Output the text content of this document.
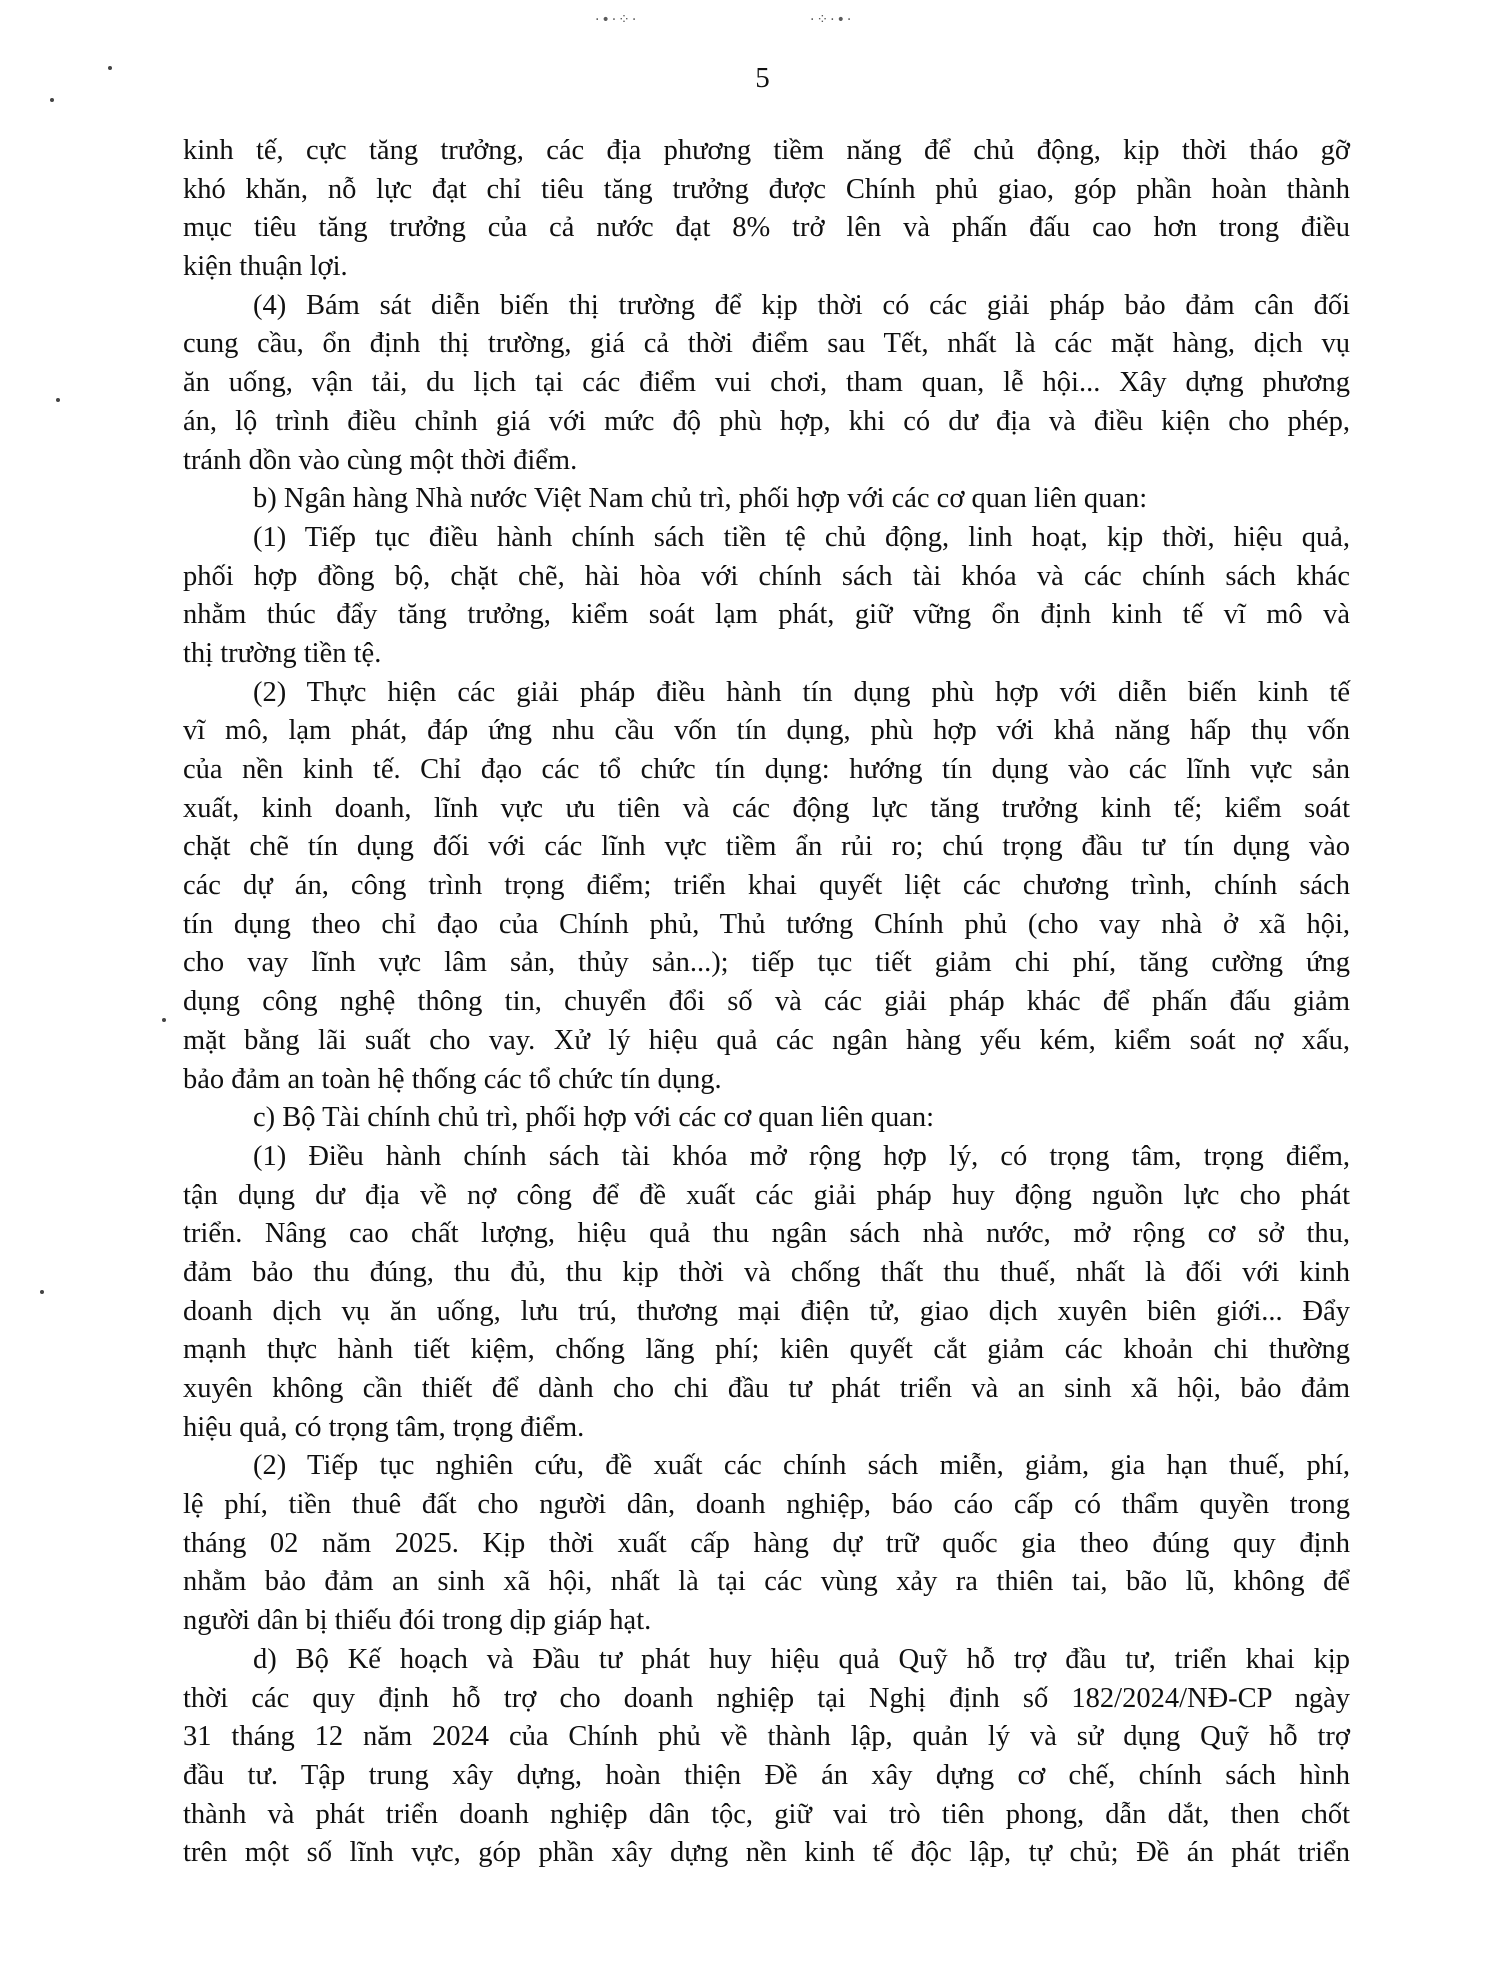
·•·⁘·	·⁘·•·
5
kinh tế, cực tăng trưởng, các địa phương tiềm năng để chủ động, kịp thời tháo gỡ
khó khăn, nỗ lực đạt chỉ tiêu tăng trưởng được Chính phủ giao, góp phần hoàn thành
mục tiêu tăng trưởng của cả nước đạt 8% trở lên và phấn đấu cao hơn trong điều
kiện thuận lợi.
(4) Bám sát diễn biến thị trường để kịp thời có các giải pháp bảo đảm cân đối
cung cầu, ổn định thị trường, giá cả thời điểm sau Tết, nhất là các mặt hàng, dịch vụ
ăn uống, vận tải, du lịch tại các điểm vui chơi, tham quan, lễ hội... Xây dựng phương
án, lộ trình điều chỉnh giá với mức độ phù hợp, khi có dư địa và điều kiện cho phép,
tránh dồn vào cùng một thời điểm.
b) Ngân hàng Nhà nước Việt Nam chủ trì, phối hợp với các cơ quan liên quan:
(1) Tiếp tục điều hành chính sách tiền tệ chủ động, linh hoạt, kịp thời, hiệu quả,
phối hợp đồng bộ, chặt chẽ, hài hòa với chính sách tài khóa và các chính sách khác
nhằm thúc đẩy tăng trưởng, kiểm soát lạm phát, giữ vững ổn định kinh tế vĩ mô và
thị trường tiền tệ.
(2) Thực hiện các giải pháp điều hành tín dụng phù hợp với diễn biến kinh tế
vĩ mô, lạm phát, đáp ứng nhu cầu vốn tín dụng, phù hợp với khả năng hấp thụ vốn
của nền kinh tế. Chỉ đạo các tổ chức tín dụng: hướng tín dụng vào các lĩnh vực sản
xuất, kinh doanh, lĩnh vực ưu tiên và các động lực tăng trưởng kinh tế; kiểm soát
chặt chẽ tín dụng đối với các lĩnh vực tiềm ẩn rủi ro; chú trọng đầu tư tín dụng vào
các dự án, công trình trọng điểm; triển khai quyết liệt các chương trình, chính sách
tín dụng theo chỉ đạo của Chính phủ, Thủ tướng Chính phủ (cho vay nhà ở xã hội,
cho vay lĩnh vực lâm sản, thủy sản...); tiếp tục tiết giảm chi phí, tăng cường ứng
dụng công nghệ thông tin, chuyển đổi số và các giải pháp khác để phấn đấu giảm
mặt bằng lãi suất cho vay. Xử lý hiệu quả các ngân hàng yếu kém, kiểm soát nợ xấu,
bảo đảm an toàn hệ thống các tổ chức tín dụng.
c) Bộ Tài chính chủ trì, phối hợp với các cơ quan liên quan:
(1) Điều hành chính sách tài khóa mở rộng hợp lý, có trọng tâm, trọng điểm,
tận dụng dư địa về nợ công để đề xuất các giải pháp huy động nguồn lực cho phát
triển. Nâng cao chất lượng, hiệu quả thu ngân sách nhà nước, mở rộng cơ sở thu,
đảm bảo thu đúng, thu đủ, thu kịp thời và chống thất thu thuế, nhất là đối với kinh
doanh dịch vụ ăn uống, lưu trú, thương mại điện tử, giao dịch xuyên biên giới... Đẩy
mạnh thực hành tiết kiệm, chống lãng phí; kiên quyết cắt giảm các khoản chi thường
xuyên không cần thiết để dành cho chi đầu tư phát triển và an sinh xã hội, bảo đảm
hiệu quả, có trọng tâm, trọng điểm.
(2) Tiếp tục nghiên cứu, đề xuất các chính sách miễn, giảm, gia hạn thuế, phí,
lệ phí, tiền thuê đất cho người dân, doanh nghiệp, báo cáo cấp có thẩm quyền trong
tháng 02 năm 2025. Kịp thời xuất cấp hàng dự trữ quốc gia theo đúng quy định
nhằm bảo đảm an sinh xã hội, nhất là tại các vùng xảy ra thiên tai, bão lũ, không để
người dân bị thiếu đói trong dịp giáp hạt.
d) Bộ Kế hoạch và Đầu tư phát huy hiệu quả Quỹ hỗ trợ đầu tư, triển khai kịp
thời các quy định hỗ trợ cho doanh nghiệp tại Nghị định số 182/2024/NĐ-CP ngày
31 tháng 12 năm 2024 của Chính phủ về thành lập, quản lý và sử dụng Quỹ hỗ trợ
đầu tư. Tập trung xây dựng, hoàn thiện Đề án xây dựng cơ chế, chính sách hình
thành và phát triển doanh nghiệp dân tộc, giữ vai trò tiên phong, dẫn dắt, then chốt
trên một số lĩnh vực, góp phần xây dựng nền kinh tế độc lập, tự chủ; Đề án phát triển
